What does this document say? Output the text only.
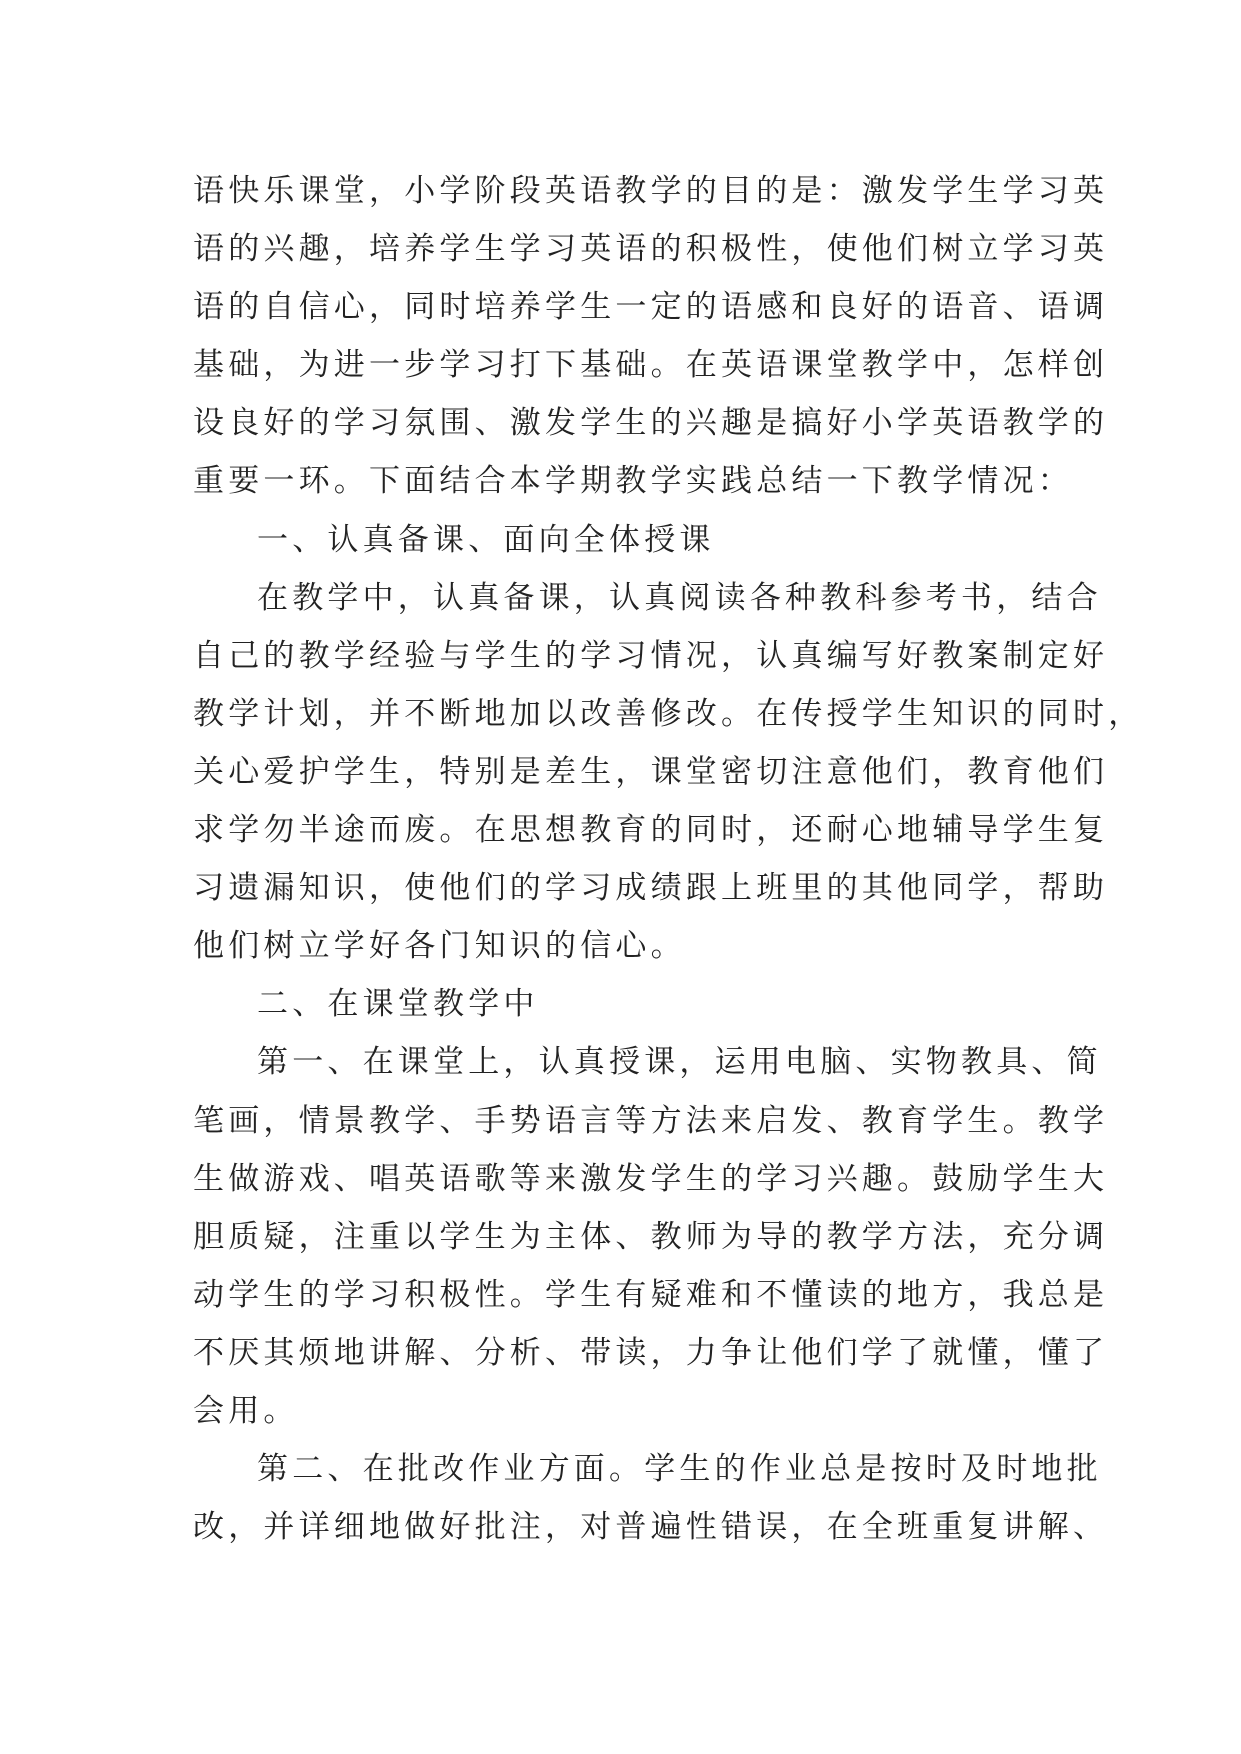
语快乐课堂，小学阶段英语教学的目的是：激发学生学习英
语的兴趣，培养学生学习英语的积极性，使他们树立学习英
语的自信心，同时培养学生一定的语感和良好的语音、语调
基础，为进一步学习打下基础。在英语课堂教学中，怎样创
设良好的学习氛围、激发学生的兴趣是搞好小学英语教学的
重要一环。下面结合本学期教学实践总结一下教学情况：
一、认真备课、面向全体授课
在教学中，认真备课，认真阅读各种教科参考书，结合
自己的教学经验与学生的学习情况，认真编写好教案制定好
教学计划，并不断地加以改善修改。在传授学生知识的同时，
关心爱护学生，特别是差生，课堂密切注意他们，教育他们
求学勿半途而废。在思想教育的同时，还耐心地辅导学生复
习遗漏知识，使他们的学习成绩跟上班里的其他同学，帮助
他们树立学好各门知识的信心。
二、在课堂教学中
第一、在课堂上，认真授课，运用电脑、实物教具、简
笔画，情景教学、手势语言等方法来启发、教育学生。教学
生做游戏、唱英语歌等来激发学生的学习兴趣。鼓励学生大
胆质疑，注重以学生为主体、教师为导的教学方法，充分调
动学生的学习积极性。学生有疑难和不懂读的地方，我总是
不厌其烦地讲解、分析、带读，力争让他们学了就懂，懂了
会用。
第二、在批改作业方面。学生的作业总是按时及时地批
改，并详细地做好批注，对普遍性错误，在全班重复讲解、
